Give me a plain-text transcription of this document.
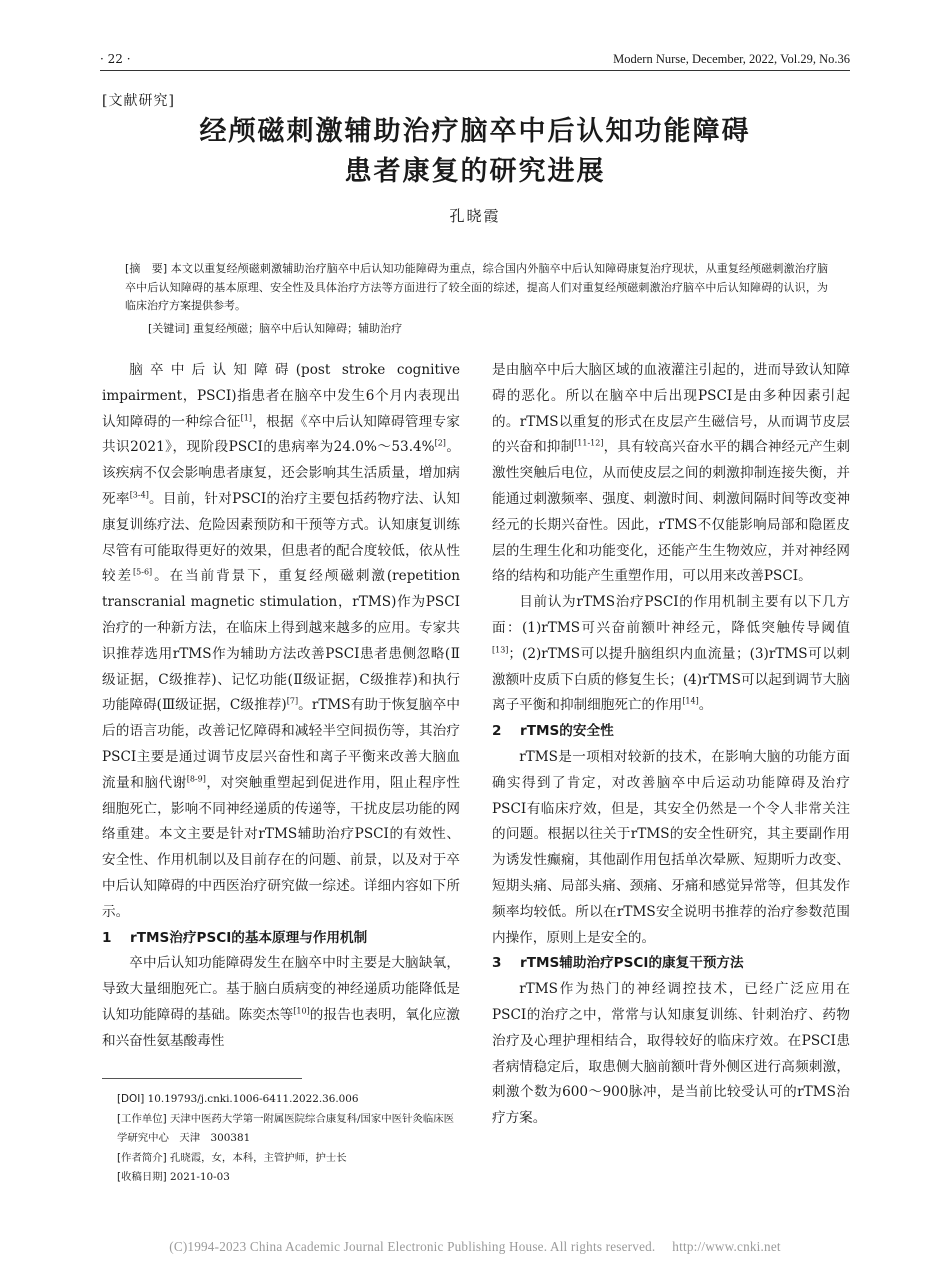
· 22 ·	Modern Nurse, December, 2022, Vol.29, No.36
[文献研究]
经颅磁刺激辅助治疗脑卒中后认知功能障碍
患者康复的研究进展
孔晓霞
[摘　要] 本文以重复经颅磁刺激辅助治疗脑卒中后认知功能障碍为重点，综合国内外脑卒中后认知障碍康复治疗现状，从重复经颅磁刺激治疗脑卒中后认知障碍的基本原理、安全性及具体治疗方法等方面进行了较全面的综述，提高人们对重复经颅磁刺激治疗脑卒中后认知障碍的认识，为临床治疗方案提供参考。
[关键词] 重复经颅磁；脑卒中后认知障碍；辅助治疗

脑卒中后认知障碍(post stroke cognitive impairment，PSCI)指患者在脑卒中发生6个月内表现出认知障碍的一种综合征[1]，根据《卒中后认知障碍管理专家共识2021》，现阶段PSCI的患病率为24.0%～53.4%[2]。该疾病不仅会影响患者康复，还会影响其生活质量，增加病死率[3-4]。目前，针对PSCI的治疗主要包括药物疗法、认知康复训练疗法、危险因素预防和干预等方式。认知康复训练尽管有可能取得更好的效果，但患者的配合度较低，依从性较差[5-6]。在当前背景下，重复经颅磁刺激(repetition transcranial magnetic stimulation，rTMS)作为PSCI治疗的一种新方法，在临床上得到越来越多的应用。专家共识推荐选用rTMS作为辅助方法改善PSCI患者患侧忽略(Ⅱ级证据，C级推荐)、记忆功能(Ⅱ级证据，C级推荐)和执行功能障碍(Ⅲ级证据，C级推荐)[7]。rTMS有助于恢复脑卒中后的语言功能，改善记忆障碍和减轻半空间损伤等，其治疗PSCI主要是通过调节皮层兴奋性和离子平衡来改善大脑血流量和脑代谢[8-9]，对突触重塑起到促进作用，阻止程序性细胞死亡，影响不同神经递质的传递等，干扰皮层功能的网络重建。本文主要是针对rTMS辅助治疗PSCI的有效性、安全性、作用机制以及目前存在的问题、前景，以及对于卒中后认知障碍的中西医治疗研究做一综述。详细内容如下所示。

1 rTMS治疗PSCI的基本原理与作用机制

卒中后认知功能障碍发生在脑卒中时主要是大脑缺氧，导致大量细胞死亡。基于脑白质病变的神经递质功能降低是认知功能障碍的基础。陈奕杰等[10]的报告也表明，氧化应激和兴奋性氨基酸毒性

是由脑卒中后大脑区域的血液灌注引起的，进而导致认知障碍的恶化。所以在脑卒中后出现PSCI是由多种因素引起的。rTMS以重复的形式在皮层产生磁信号，从而调节皮层的兴奋和抑制[11-12]，具有较高兴奋水平的耦合神经元产生刺激性突触后电位，从而使皮层之间的刺激抑制连接失衡，并能通过刺激频率、强度、刺激时间、刺激间隔时间等改变神经元的长期兴奋性。因此，rTMS不仅能影响局部和隐匿皮层的生理生化和功能变化，还能产生生物效应，并对神经网络的结构和功能产生重塑作用，可以用来改善PSCI。

目前认为rTMS治疗PSCI的作用机制主要有以下几方面：(1)rTMS可兴奋前额叶神经元，降低突触传导阈值[13]；(2)rTMS可以提升脑组织内血流量；(3)rTMS可以刺激额叶皮质下白质的修复生长；(4)rTMS可以起到调节大脑离子平衡和抑制细胞死亡的作用[14]。

2 rTMS的安全性

rTMS是一项相对较新的技术，在影响大脑的功能方面确实得到了肯定，对改善脑卒中后运动功能障碍及治疗PSCI有临床疗效，但是，其安全仍然是一个令人非常关注的问题。根据以往关于rTMS的安全性研究，其主要副作用为诱发性癫痫，其他副作用包括单次晕厥、短期听力改变、短期头痛、局部头痛、颈痛、牙痛和感觉异常等，但其发作频率均较低。所以在rTMS安全说明书推荐的治疗参数范围内操作，原则上是安全的。

3 rTMS辅助治疗PSCI的康复干预方法

rTMS作为热门的神经调控技术，已经广泛应用在PSCI的治疗之中，常常与认知康复训练、针刺治疗、药物治疗及心理护理相结合，取得较好的临床疗效。在PSCI患者病情稳定后，取患侧大脑前额叶背外侧区进行高频刺激，刺激个数为600～900脉冲，是当前比较受认可的rTMS治疗方案。

[DOI] 10.19793/j.cnki.1006-6411.2022.36.006
[工作单位] 天津中医药大学第一附属医院综合康复科/国家中医针灸临床医学研究中心　天津　300381
[作者简介] 孔晓霞，女，本科，主管护师，护士长
[收稿日期] 2021-10-03
(C)1994-2023 China Academic Journal Electronic Publishing House. All rights reserved.　 http://www.cnki.net
